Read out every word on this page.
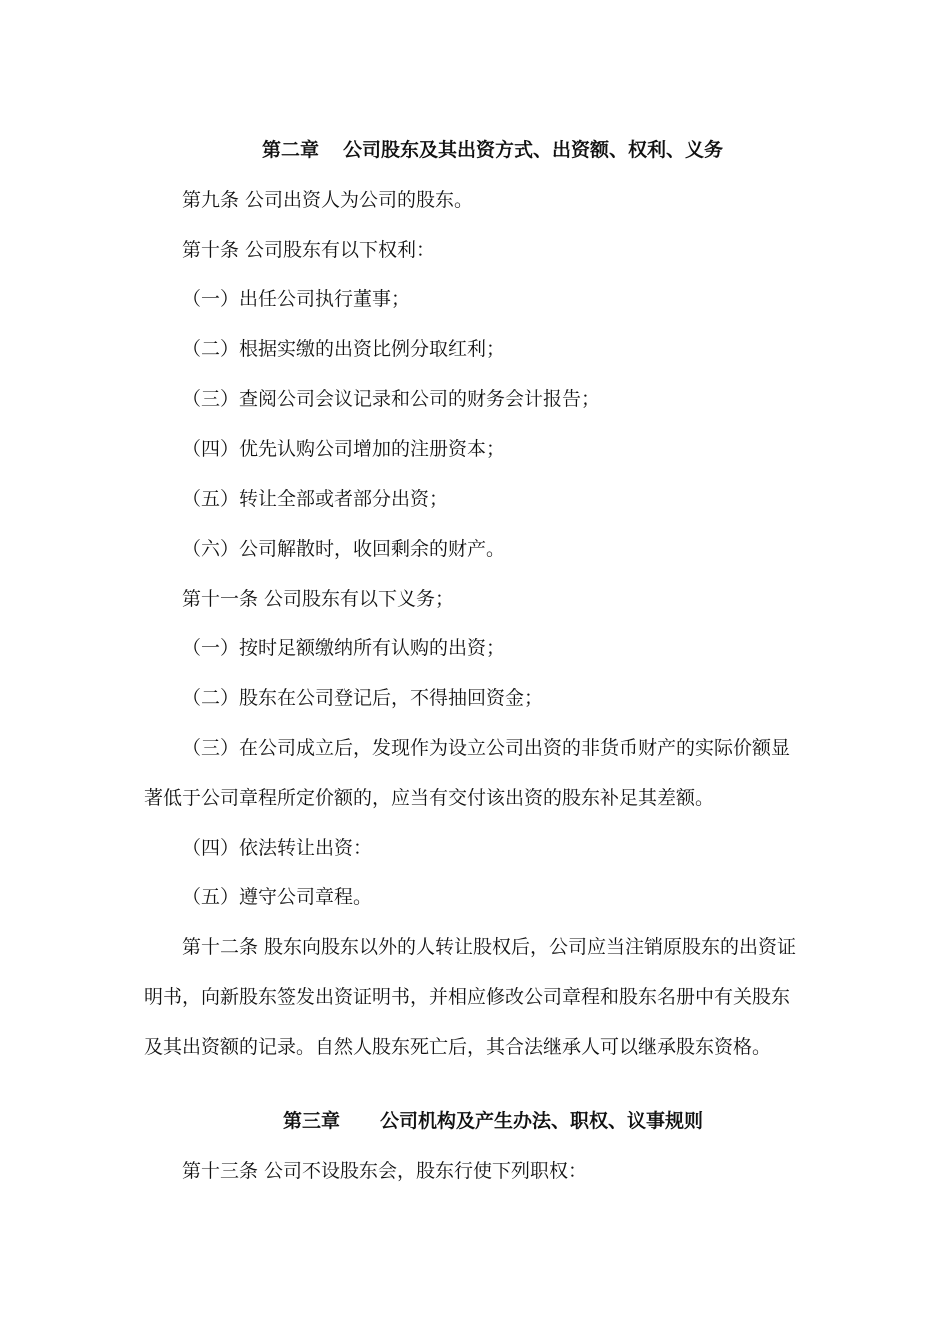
第二章 公司股东及其出资方式、出资额、权利、义务
第九条 公司出资人为公司的股东。
第十条 公司股东有以下权利：
（一）出任公司执行董事；
（二）根据实缴的出资比例分取红利；
（三）查阅公司会议记录和公司的财务会计报告；
（四）优先认购公司增加的注册资本；
（五）转让全部或者部分出资；
（六）公司解散时，收回剩余的财产。
第十一条 公司股东有以下义务；
（一）按时足额缴纳所有认购的出资；
（二）股东在公司登记后，不得抽回资金；
（三）在公司成立后，发现作为设立公司出资的非货币财产的实际价额显
著低于公司章程所定价额的，应当有交付该出资的股东补足其差额。
（四）依法转让出资：
（五）遵守公司章程。
第十二条 股东向股东以外的人转让股权后，公司应当注销原股东的出资证
明书，向新股东签发出资证明书，并相应修改公司章程和股东名册中有关股东
及其出资额的记录。自然人股东死亡后，其合法继承人可以继承股东资格。
第三章 公司机构及产生办法、职权、议事规则
第十三条 公司不设股东会，股东行使下列职权：
